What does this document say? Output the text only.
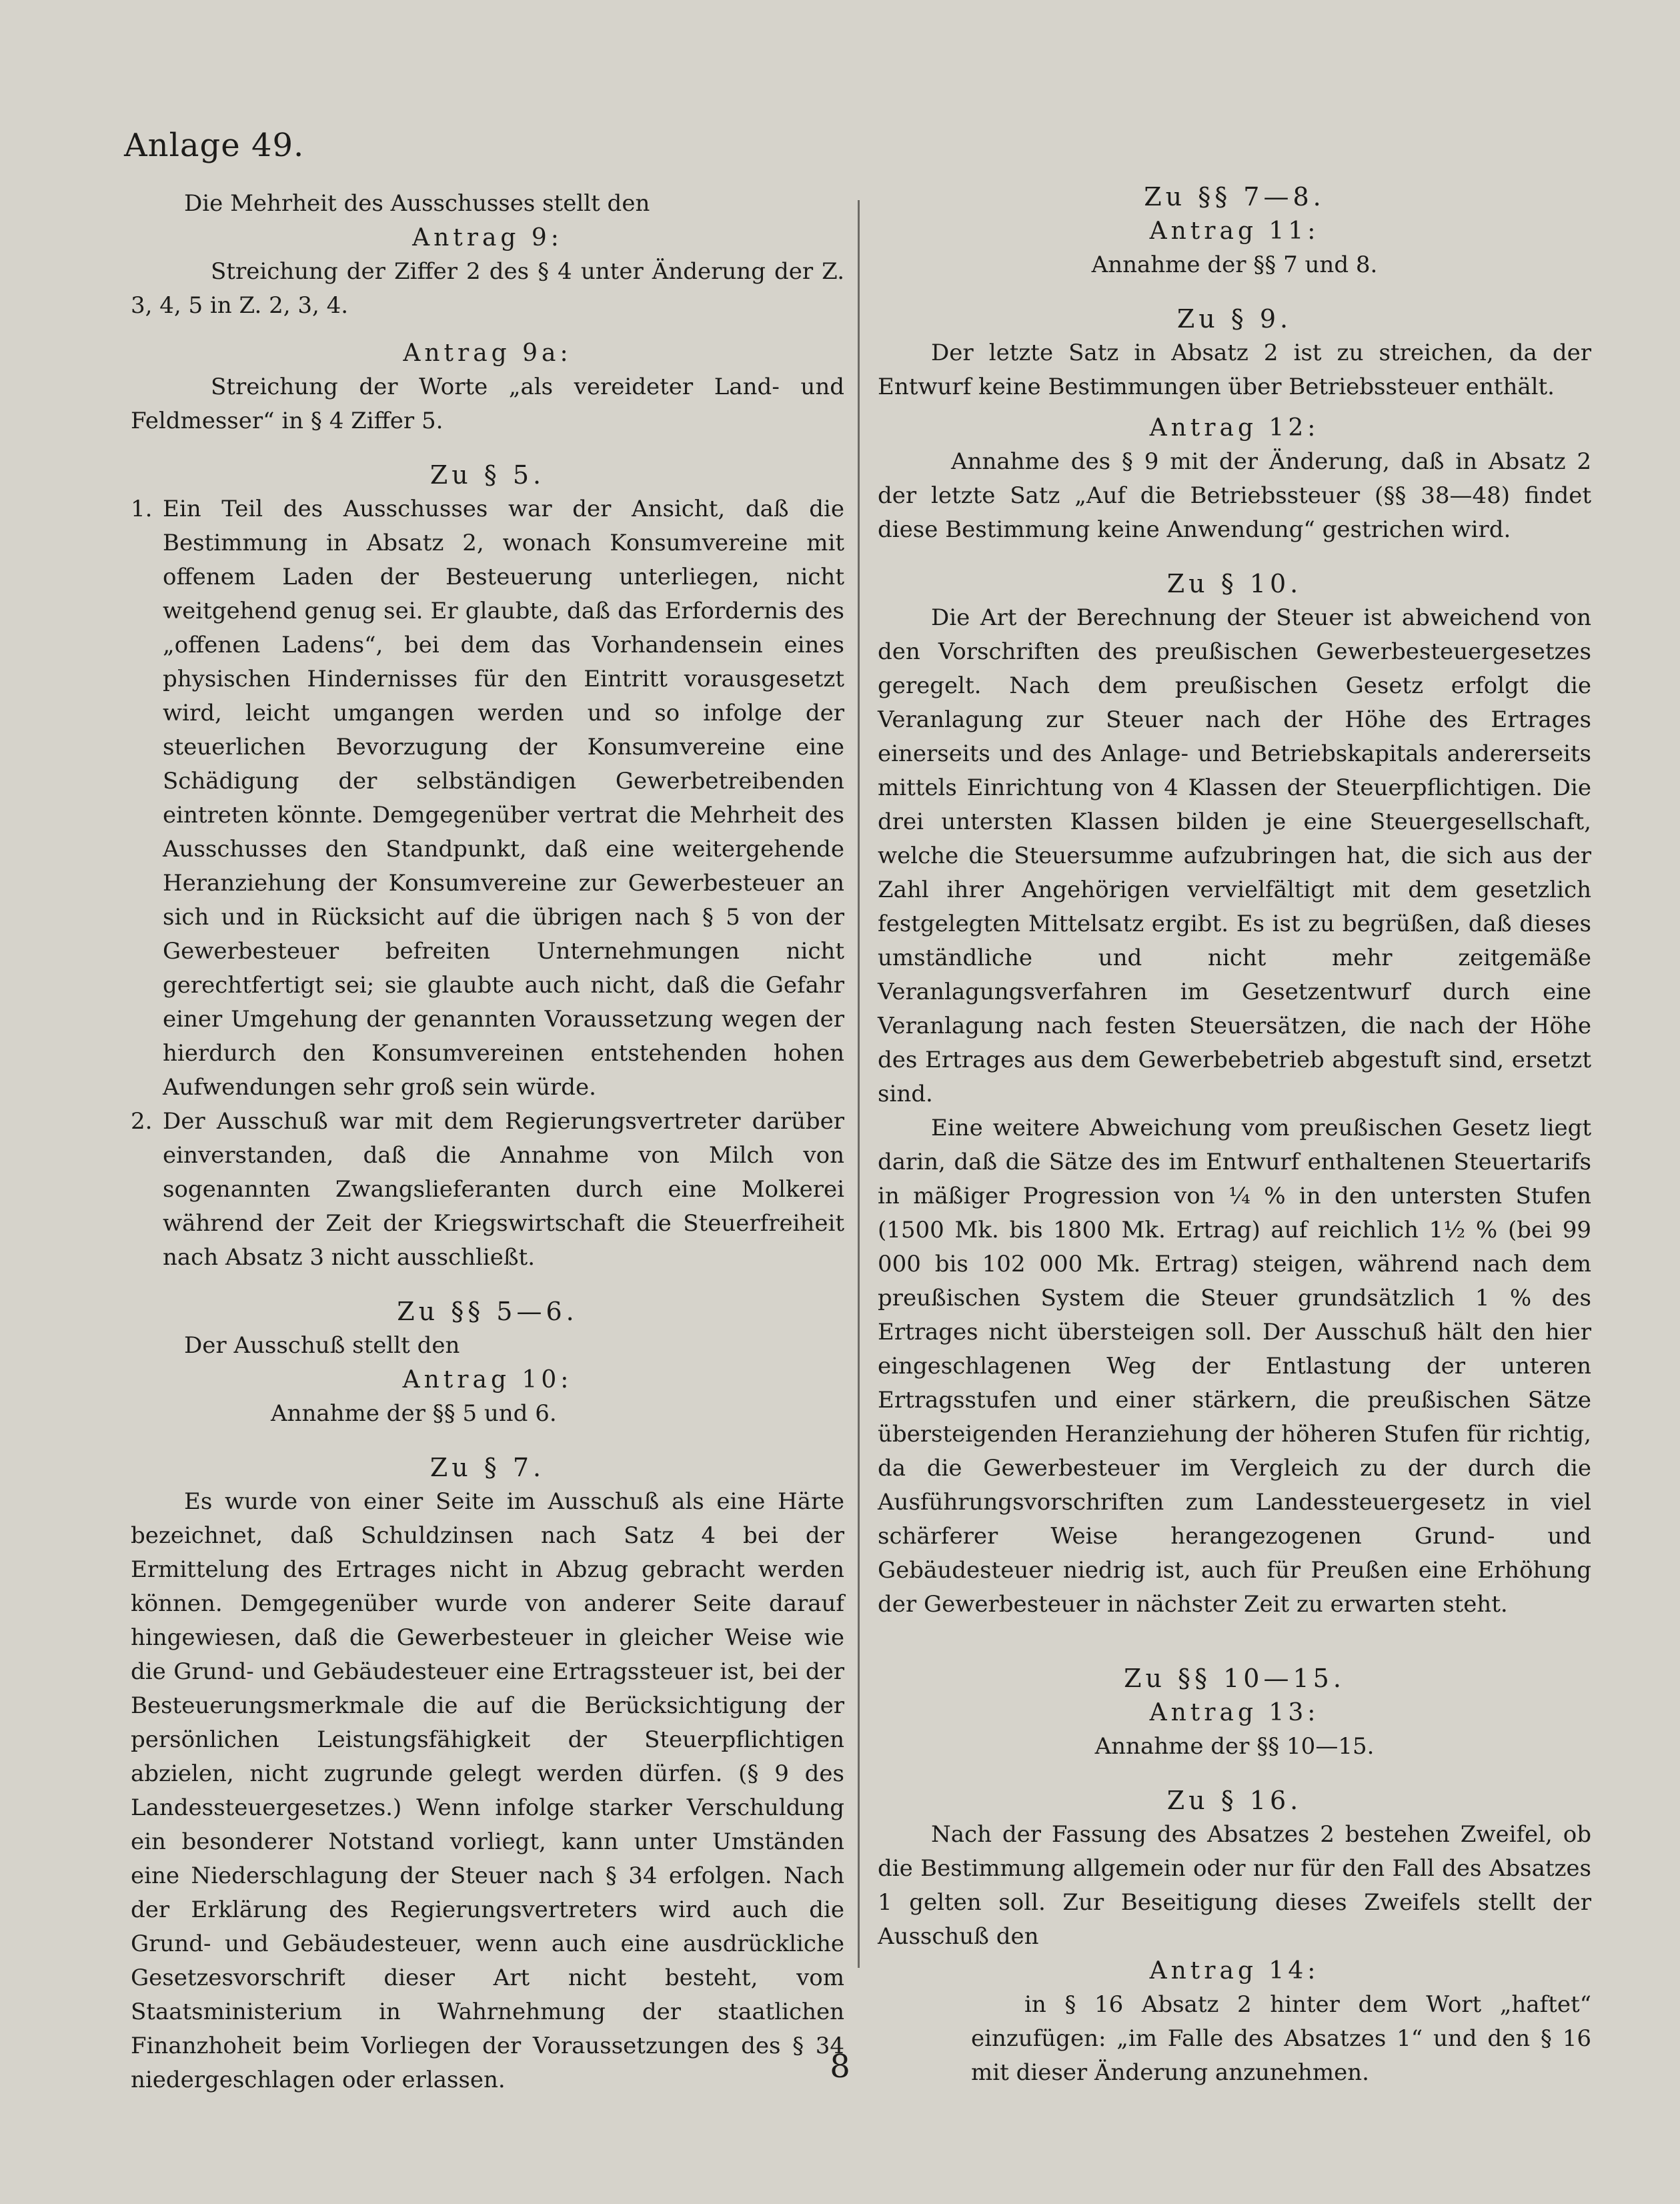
Anlage 49.

Die Mehrheit des Ausschusses stellt den

Antrag 9:

Streichung der Ziffer 2 des § 4 unter Änderung der Z. 3, 4, 5 in Z. 2, 3, 4.

Antrag 9a:

Streichung der Worte „als vereideter Land- und Feldmesser“ in § 4 Ziffer 5.

Zu § 5.

1. Ein Teil des Ausschusses war der Ansicht, daß die Bestimmung in Absatz 2, wonach Konsumvereine mit offenem Laden der Besteuerung unterliegen, nicht weitgehend genug sei. Er glaubte, daß das Erfordernis des „offenen Ladens“, bei dem das Vorhandensein eines physischen Hindernisses für den Eintritt vorausgesetzt wird, leicht umgangen werden und so infolge der steuerlichen Bevorzugung der Konsumvereine eine Schädigung der selbständigen Gewerbetreibenden eintreten könnte. Demgegenüber vertrat die Mehrheit des Ausschusses den Standpunkt, daß eine weitergehende Heranziehung der Konsumvereine zur Gewerbesteuer an sich und in Rücksicht auf die übrigen nach § 5 von der Gewerbesteuer befreiten Unternehmungen nicht gerechtfertigt sei; sie glaubte auch nicht, daß die Gefahr einer Umgehung der genannten Voraussetzung wegen der hierdurch den Konsumvereinen entstehenden hohen Aufwendungen sehr groß sein würde.

2. Der Ausschuß war mit dem Regierungsvertreter darüber einverstanden, daß die Annahme von Milch von sogenannten Zwangslieferanten durch eine Molkerei während der Zeit der Kriegswirtschaft die Steuerfreiheit nach Absatz 3 nicht ausschließt.

Zu §§ 5—6.

Der Ausschuß stellt den

Antrag 10:

Annahme der §§ 5 und 6.

Zu § 7.

Es wurde von einer Seite im Ausschuß als eine Härte bezeichnet, daß Schuldzinsen nach Satz 4 bei der Ermittelung des Ertrages nicht in Abzug gebracht werden können. Demgegenüber wurde von anderer Seite darauf hingewiesen, daß die Gewerbesteuer in gleicher Weise wie die Grund- und Gebäudesteuer eine Ertragssteuer ist, bei der Besteuerungsmerkmale die auf die Berücksichtigung der persönlichen Leistungsfähigkeit der Steuerpflichtigen abzielen, nicht zugrunde gelegt werden dürfen. (§ 9 des Landessteuergesetzes.) Wenn infolge starker Verschuldung ein besonderer Notstand vorliegt, kann unter Umständen eine Niederschlagung der Steuer nach § 34 erfolgen. Nach der Erklärung des Regierungsvertreters wird auch die Grund- und Gebäudesteuer, wenn auch eine ausdrückliche Gesetzesvorschrift dieser Art nicht besteht, vom Staatsministerium in Wahrnehmung der staatlichen Finanzhoheit beim Vorliegen der Voraussetzungen des § 34 niedergeschlagen oder erlassen.

Zu §§ 7—8.

Antrag 11:

Annahme der §§ 7 und 8.

Zu § 9.

Der letzte Satz in Absatz 2 ist zu streichen, da der Entwurf keine Bestimmungen über Betriebssteuer enthält.

Antrag 12:

Annahme des § 9 mit der Änderung, daß in Absatz 2 der letzte Satz „Auf die Betriebssteuer (§§ 38—48) findet diese Bestimmung keine Anwendung“ gestrichen wird.

Zu § 10.

Die Art der Berechnung der Steuer ist abweichend von den Vorschriften des preußischen Gewerbesteuergesetzes geregelt. Nach dem preußischen Gesetz erfolgt die Veranlagung zur Steuer nach der Höhe des Ertrages einerseits und des Anlage- und Betriebskapitals andererseits mittels Einrichtung von 4 Klassen der Steuerpflichtigen. Die drei untersten Klassen bilden je eine Steuergesellschaft, welche die Steuersumme aufzubringen hat, die sich aus der Zahl ihrer Angehörigen vervielfältigt mit dem gesetzlich festgelegten Mittelsatz ergibt. Es ist zu begrüßen, daß dieses umständliche und nicht mehr zeitgemäße Veranlagungsverfahren im Gesetzentwurf durch eine Veranlagung nach festen Steuersätzen, die nach der Höhe des Ertrages aus dem Gewerbebetrieb abgestuft sind, ersetzt sind.

Eine weitere Abweichung vom preußischen Gesetz liegt darin, daß die Sätze des im Entwurf enthaltenen Steuertarifs in mäßiger Progression von ¼ % in den untersten Stufen (1500 Mk. bis 1800 Mk. Ertrag) auf reichlich 1½ % (bei 99 000 bis 102 000 Mk. Ertrag) steigen, während nach dem preußischen System die Steuer grundsätzlich 1 % des Ertrages nicht übersteigen soll. Der Ausschuß hält den hier eingeschlagenen Weg der Entlastung der unteren Ertragsstufen und einer stärkern, die preußischen Sätze übersteigenden Heranziehung der höheren Stufen für richtig, da die Gewerbesteuer im Vergleich zu der durch die Ausführungsvorschriften zum Landessteuergesetz in viel schärferer Weise herangezogenen Grund- und Gebäudesteuer niedrig ist, auch für Preußen eine Erhöhung der Gewerbesteuer in nächster Zeit zu erwarten steht.

Zu §§ 10—15.

Antrag 13:

Annahme der §§ 10—15.

Zu § 16.

Nach der Fassung des Absatzes 2 bestehen Zweifel, ob die Bestimmung allgemein oder nur für den Fall des Absatzes 1 gelten soll. Zur Beseitigung dieses Zweifels stellt der Ausschuß den

Antrag 14:

in § 16 Absatz 2 hinter dem Wort „haftet“ einzufügen: „im Falle des Absatzes 1“ und den § 16 mit dieser Änderung anzunehmen.

8
